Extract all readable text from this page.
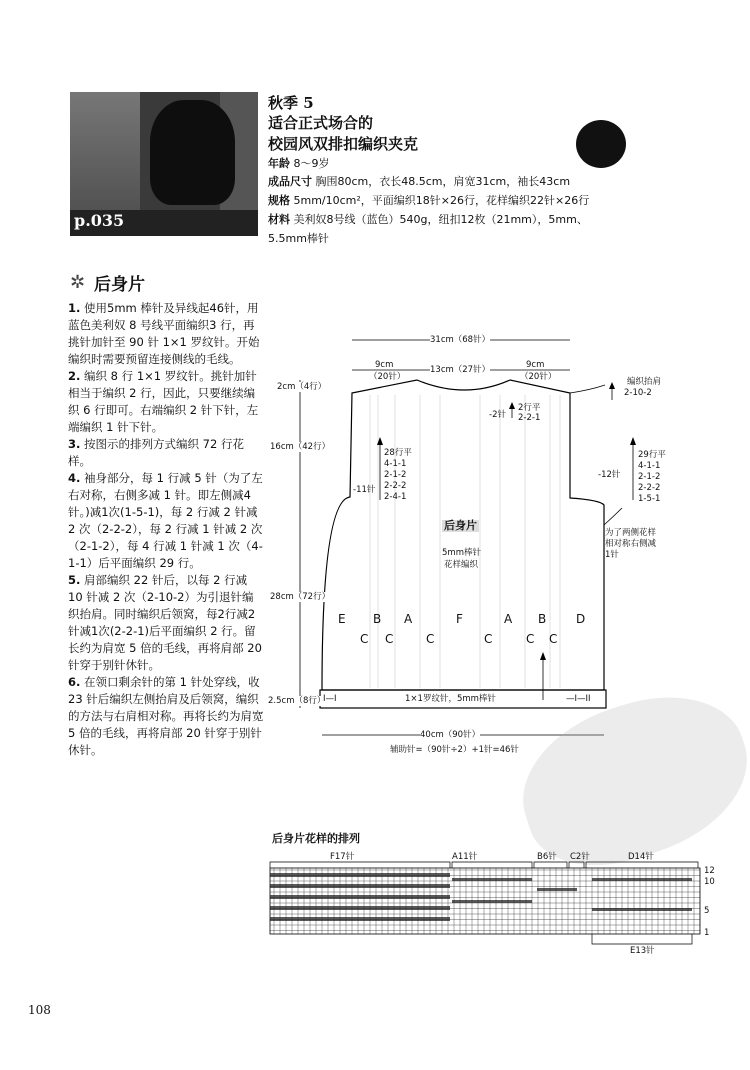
p.035
秋季 5
适合正式场合的
校园风双排扣编织夹克
年龄 8～9岁
成品尺寸 胸围80cm，衣长48.5cm，肩宽31cm，袖长43cm
规格 5mm/10cm²，平面编织18针×26行，花样编织22针×26行
材料 美利奴8号线（蓝色）540g，纽扣12枚（21mm），5mm、
5.5mm棒针
✲ 后身片

1. 使用5mm 棒针及异线起46针，用蓝色美利奴 8 号线平面编织3 行，再挑针加针至 90 针 1×1 罗纹针。开始编织时需要预留连接侧线的毛线。

2. 编织 8 行 1×1 罗纹针。挑针加针相当于编织 2 行，因此，只要继续编织 6 行即可。右端编织 2 针下针，左端编织 1 针下针。

3. 按图示的排列方式编织 72 行花样。

4. 袖身部分，每 1 行减 5 针（为了左右对称，右侧多减 1 针。即左侧减4针。)减1次(1-5-1)，每 2 行减 2 针减 2 次（2-2-2），每 2 行减 1 针减 2 次（2-1-2），每 4 行减 1 针减 1 次（4-1-1）后平面编织 29 行。

5. 肩部编织 22 针后，以每 2 行减 10 针减 2 次（2-10-2）为引退针编织抬肩。同时编织后领窝，每2行减2针减1次(2-2-1)后平面编织 2 行。留长约为肩宽 5 倍的毛线，再将肩部 20 针穿于别针休针。

6. 在领口剩余针的第 1 针处穿线，收 23 针后编织左侧抬肩及后领窝，编织的方法与右肩相对称。再将长约为肩宽 5 倍的毛线，再将肩部 20 针穿于别针休针。

31cm（68针）
9cm
（20针）
13cm（27针）	9cm
（20针）
2cm（4行）
16cm（42行）
28cm（72行）
2.5cm（8行）
编织抬肩
2-10-2
-2针
2行平
2-2-1
-11针
28行平
4-1-1
2-1-2
2-2-2
2-4-1
-12针
29行平
4-1-1
2-1-2
2-2-2
1-5-1
为了两侧花样
相对称右侧减
1针
后身片
5mm棒针
花样编织
E B A	F	A B D
C C	C	C	C C
I—I	1×1罗纹针，5mm棒针	—I—II
40cm（90针）
辅助针=（90针÷2）+1针=46针
后身片花样的排列
F17针	A11针	B6针 C2针	D14针
E13针
12
10
5
1
108
